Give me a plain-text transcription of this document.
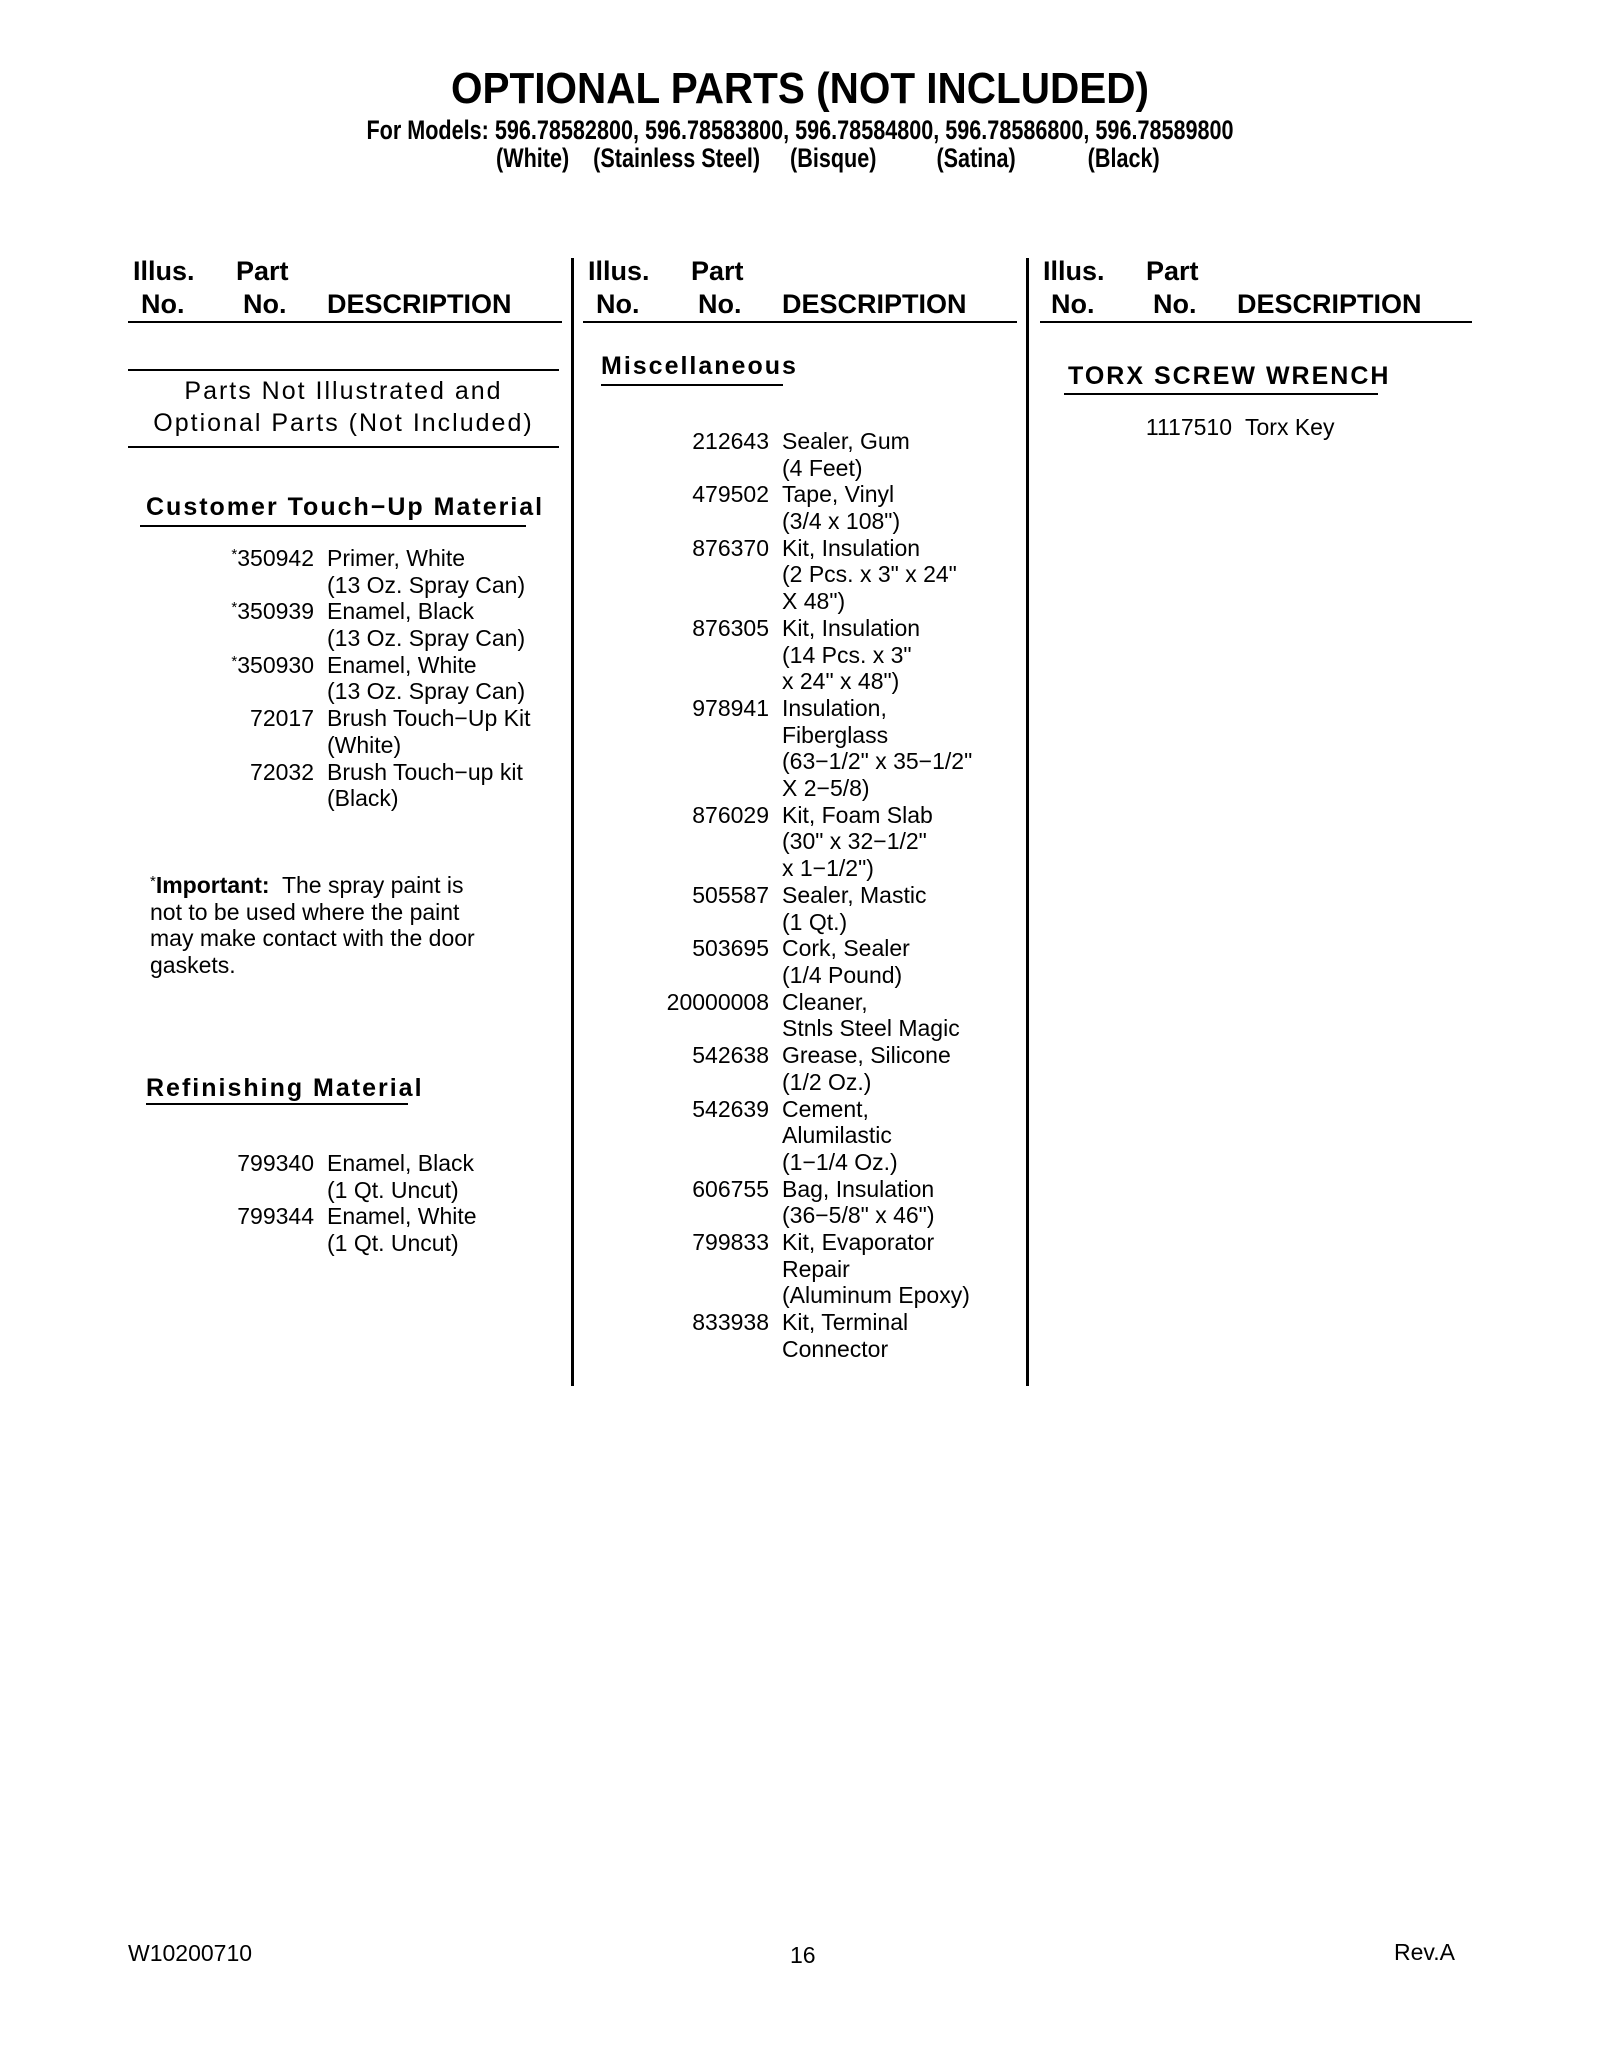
OPTIONAL PARTS (NOT INCLUDED)
For Models: 596.78582800, 596.78583800, 596.78584800, 596.78586800, 596.78589800
(White)    (Stainless Steel)     (Bisque)          (Satina)            (Black)
Illus.
No.
Part
No. DESCRIPTION
Illus.
No.
Part
No. DESCRIPTION
Illus.
No.
Part
No. DESCRIPTION
Parts Not Illustrated and
Optional Parts (Not Included)
Customer Touch−Up Material
*350942 Primer, White
(13 Oz. Spray Can)
*350939 Enamel, Black
(13 Oz. Spray Can)
*350930 Enamel, White
(13 Oz. Spray Can)
72017 Brush Touch−Up Kit
(White)
72032 Brush Touch−up kit
(Black)
*Important: The spray paint is
not to be used where the paint
may make contact with the door
gaskets.
Refinishing Material
799340 Enamel, Black
(1 Qt. Uncut)
799344 Enamel, White
(1 Qt. Uncut)
Miscellaneous
212643 Sealer, Gum
(4 Feet)
479502 Tape, Vinyl
(3/4 x 108")
876370 Kit, Insulation
(2 Pcs. x 3" x 24"
X 48")
876305 Kit, Insulation
(14 Pcs. x 3"
x 24" x 48")
978941 Insulation,
Fiberglass
(63−1/2" x 35−1/2"
X 2−5/8)
876029 Kit, Foam Slab
(30" x 32−1/2"
x 1−1/2")
505587 Sealer, Mastic
(1 Qt.)
503695 Cork, Sealer
(1/4 Pound)
20000008 Cleaner,
Stnls Steel Magic
542638 Grease, Silicone
(1/2 Oz.)
542639 Cement,
Alumilastic
(1−1/4 Oz.)
606755 Bag, Insulation
(36−5/8" x 46")
799833 Kit, Evaporator
Repair
(Aluminum Epoxy)
833938 Kit, Terminal
Connector
TORX SCREW WRENCH
1117510 Torx Key
W10200710	16	Rev.A
